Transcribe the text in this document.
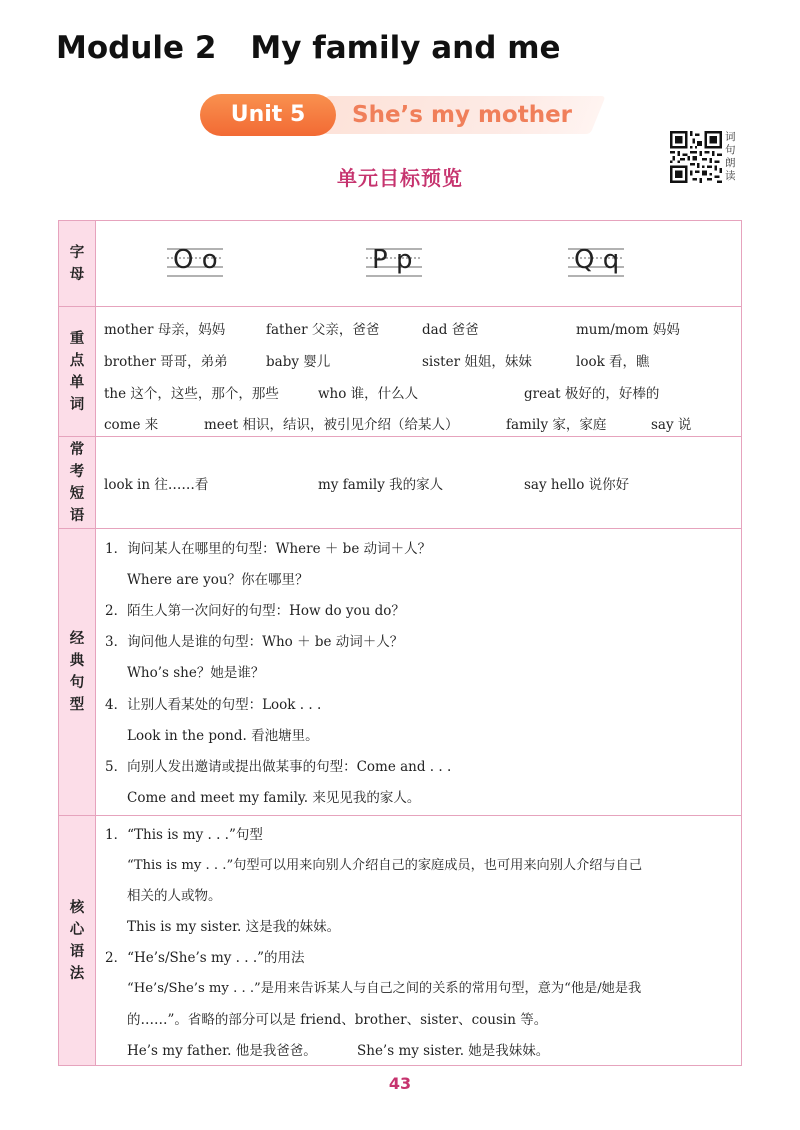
Module 2 My family and me
Unit 5	She’s my mother
词
句
朗
读
单元目标预览
字
母	O o	P p	Q q
重
点
单
词
mother 母亲，妈妈	father 父亲，爸爸	dad 爸爸	mum/mom 妈妈
brother 哥哥，弟弟	baby 婴儿	sister 姐姐，妹妹	look 看，瞧
the 这个，这些，那个，那些	who 谁，什么人	great 极好的，好棒的
come 来	meet 相识，结识，被引见介绍（给某人）	family 家，家庭	say 说
常
考
短
语
look in 往……看	my family 我的家人	say hello 说你好
经
典
句
型
1．询问某人在哪里的句型：Where ＋ be 动词＋人？
Where are you？你在哪里？
2．陌生人第一次问好的句型：How do you do？
3．询问他人是谁的句型：Who ＋ be 动词＋人？
Who’s she？她是谁？
4．让别人看某处的句型：Look . . .
Look in the pond. 看池塘里。
5．向别人发出邀请或提出做某事的句型：Come and . . .
Come and meet my family. 来见见我的家人。
核
心
语
法
1．“This is my . . .”句型
“This is my . . .”句型可以用来向别人介绍自己的家庭成员，也可用来向别人介绍与自己
相关的人或物。
This is my sister. 这是我的妹妹。
2．“He’s/She’s my . . .”的用法
“He’s/She’s my . . .”是用来告诉某人与自己之间的关系的常用句型，意为“他是/她是我
的……”。省略的部分可以是 friend、brother、sister、cousin 等。
He’s my father. 他是我爸爸。	She’s my sister. 她是我妹妹。
43
